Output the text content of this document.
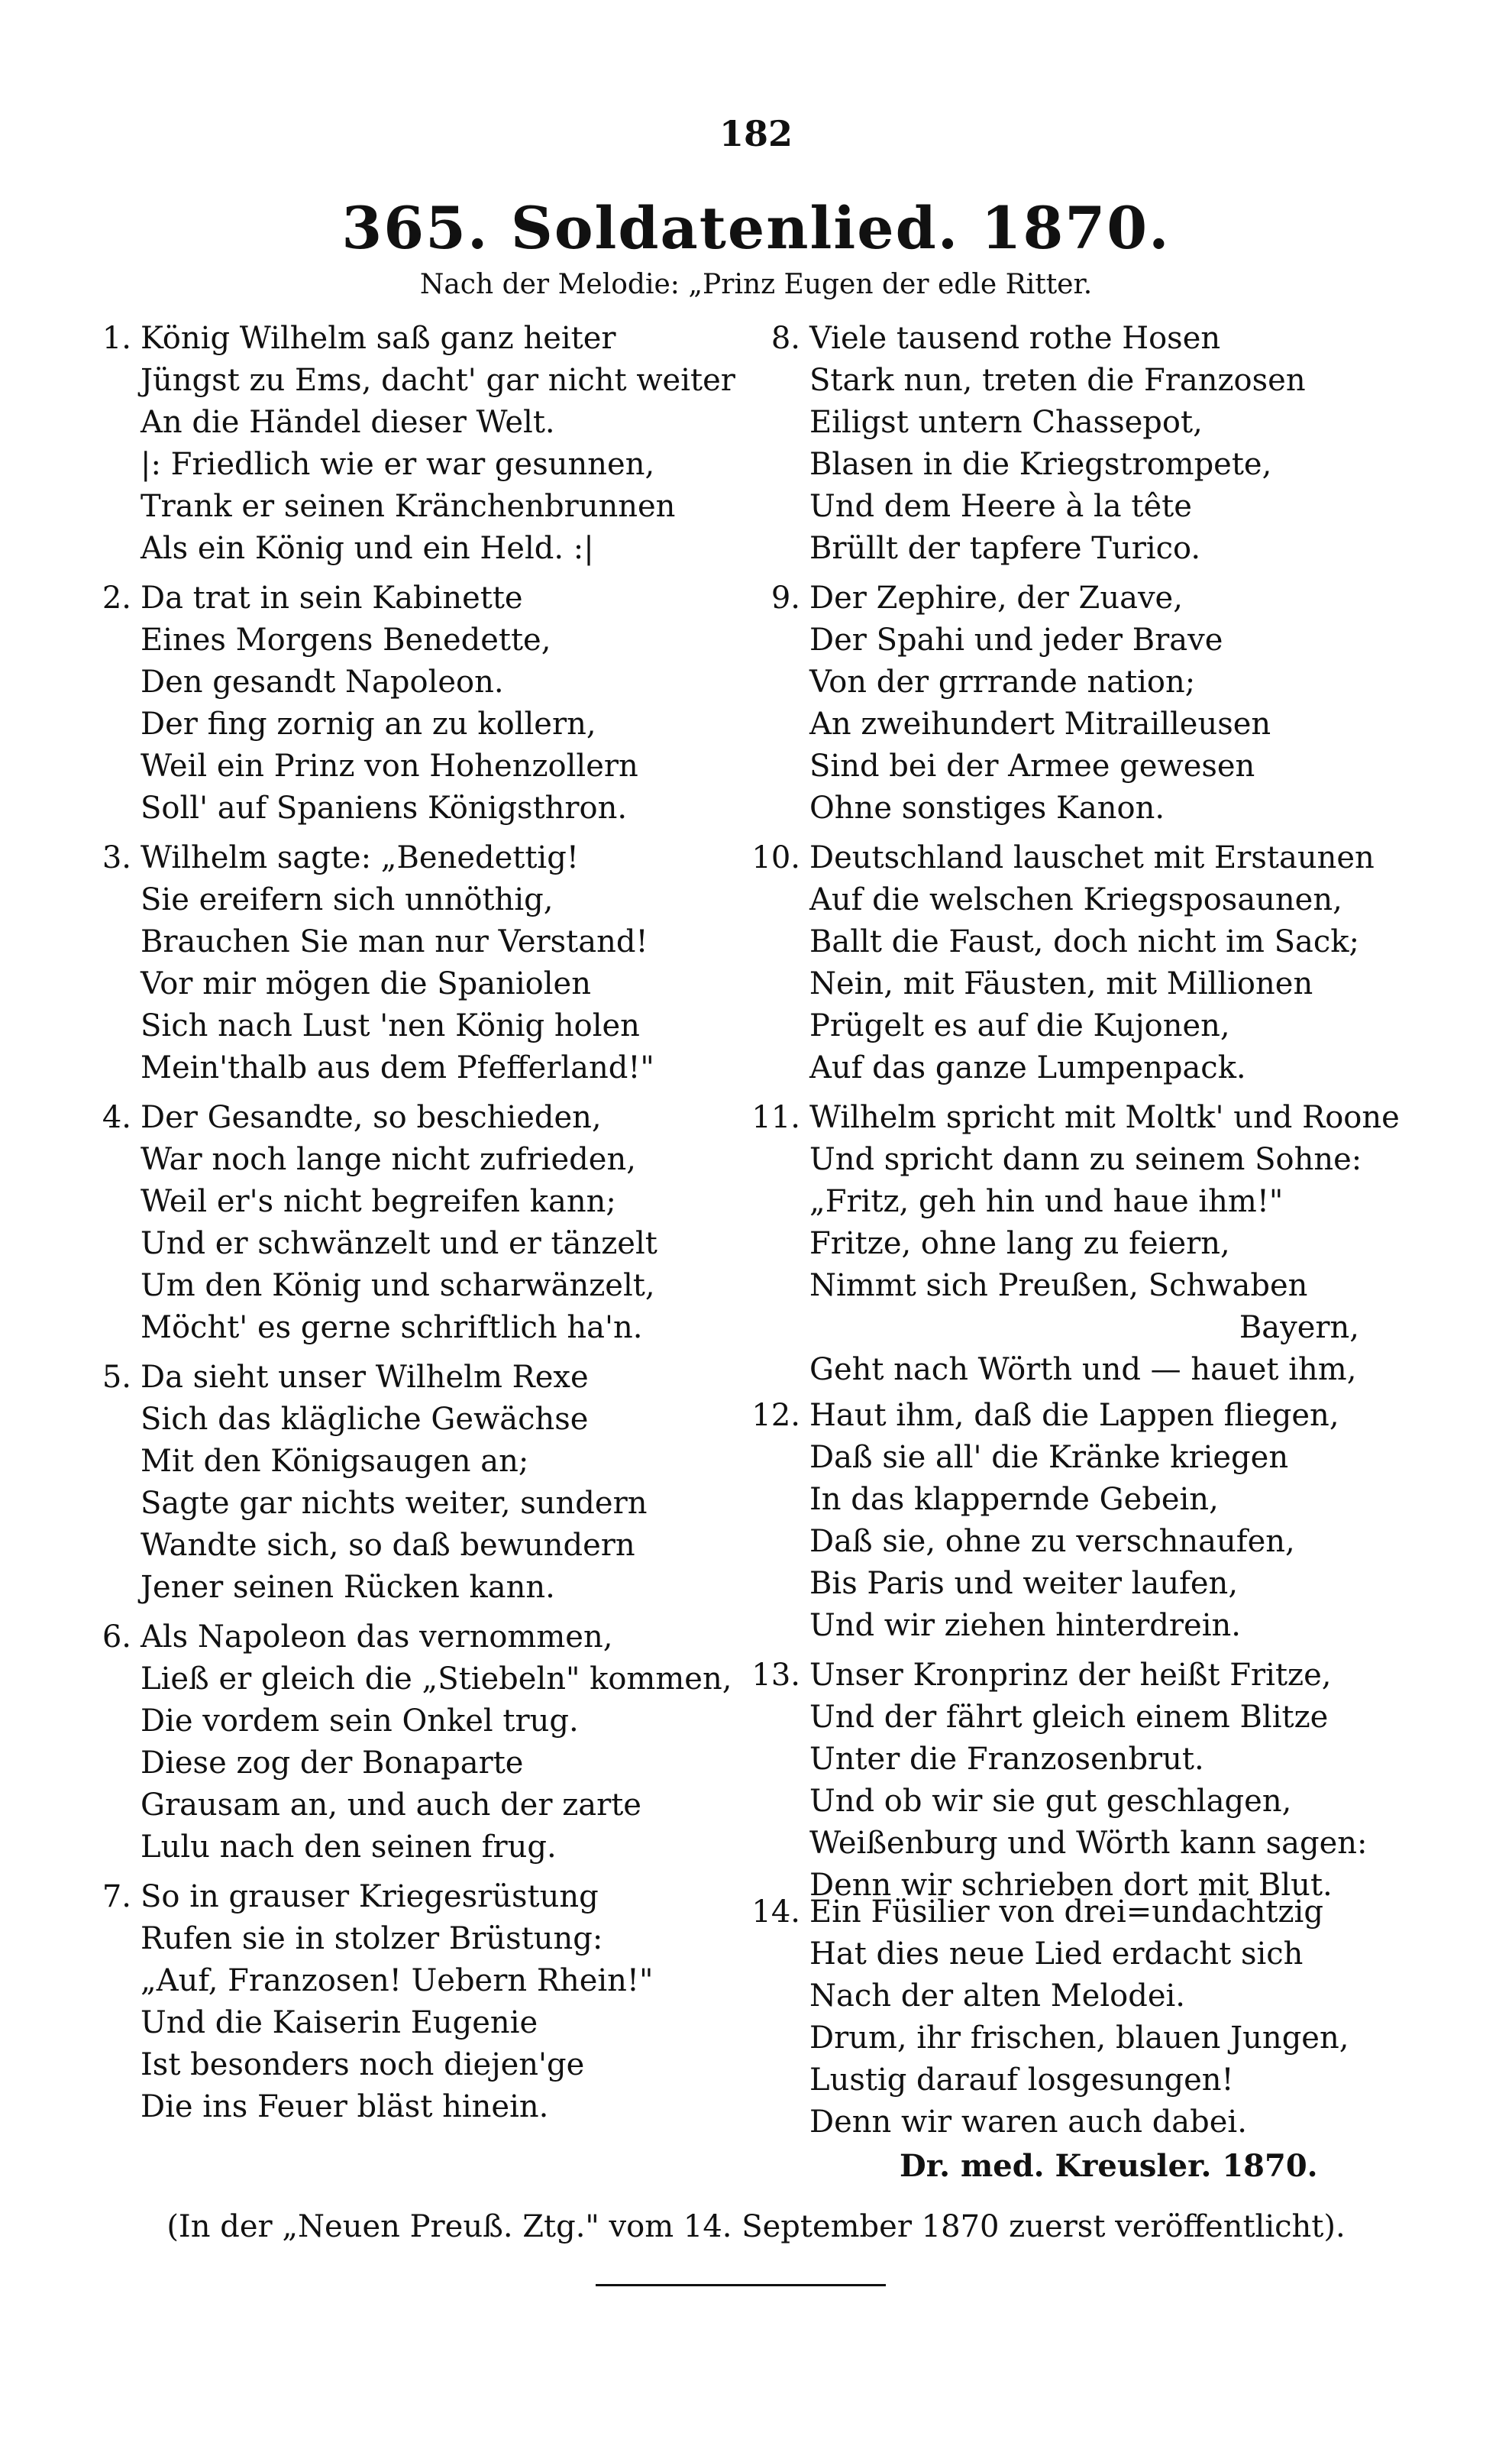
182
365. Soldatenlied. 1870.
Nach der Melodie: „Prinz Eugen der edle Ritter.
1. König Wilhelm saß ganz heiter
Jüngst zu Ems, dacht' gar nicht weiter
An die Händel dieser Welt.
|: Friedlich wie er war gesunnen,
Trank er seinen Kränchenbrunnen
Als ein König und ein Held. :|
2. Da trat in sein Kabinette
Eines Morgens Benedette,
Den gesandt Napoleon.
Der fing zornig an zu kollern,
Weil ein Prinz von Hohenzollern
Soll' auf Spaniens Königsthron.
3. Wilhelm sagte: „Benedettig!
Sie ereifern sich unnöthig,
Brauchen Sie man nur Verstand!
Vor mir mögen die Spaniolen
Sich nach Lust 'nen König holen
Mein'thalb aus dem Pfefferland!"
4. Der Gesandte, so beschieden,
War noch lange nicht zufrieden,
Weil er's nicht begreifen kann;
Und er schwänzelt und er tänzelt
Um den König und scharwänzelt,
Möcht' es gerne schriftlich ha'n.
5. Da sieht unser Wilhelm Rexe
Sich das klägliche Gewächse
Mit den Königsaugen an;
Sagte gar nichts weiter, sundern
Wandte sich, so daß bewundern
Jener seinen Rücken kann.
6. Als Napoleon das vernommen,
Ließ er gleich die „Stiebeln" kommen,
Die vordem sein Onkel trug.
Diese zog der Bonaparte
Grausam an, und auch der zarte
Lulu nach den seinen frug.
7. So in grauser Kriegesrüstung
Rufen sie in stolzer Brüstung:
„Auf, Franzosen! Uebern Rhein!"
Und die Kaiserin Eugenie
Ist besonders noch diejen'ge
Die ins Feuer bläst hinein.
8. Viele tausend rothe Hosen
Stark nun, treten die Franzosen
Eiligst untern Chassepot,
Blasen in die Kriegstrompete,
Und dem Heere à la tête
Brüllt der tapfere Turico.
9. Der Zephire, der Zuave,
Der Spahi und jeder Brave
Von der grrrande nation;
An zweihundert Mitrailleusen
Sind bei der Armee gewesen
Ohne sonstiges Kanon.
10. Deutschland lauschet mit Erstaunen
Auf die welschen Kriegsposaunen,
Ballt die Faust, doch nicht im Sack;
Nein, mit Fäusten, mit Millionen
Prügelt es auf die Kujonen,
Auf das ganze Lumpenpack.
11. Wilhelm spricht mit Moltk' und Roone
Und spricht dann zu seinem Sohne:
„Fritz, geh hin und haue ihm!"
Fritze, ohne lang zu feiern,
Nimmt sich Preußen, Schwaben
Bayern,
Geht nach Wörth und — hauet ihm,
12. Haut ihm, daß die Lappen fliegen,
Daß sie all' die Kränke kriegen
In das klappernde Gebein,
Daß sie, ohne zu verschnaufen,
Bis Paris und weiter laufen,
Und wir ziehen hinterdrein.
13. Unser Kronprinz der heißt Fritze,
Und der fährt gleich einem Blitze
Unter die Franzosenbrut.
Und ob wir sie gut geschlagen,
Weißenburg und Wörth kann sagen:
Denn wir schrieben dort mit Blut.
14. Ein Füsilier von drei=undachtzig
Hat dies neue Lied erdacht sich
Nach der alten Melodei.
Drum, ihr frischen, blauen Jungen,
Lustig darauf losgesungen!
Denn wir waren auch dabei.
Dr. med. Kreusler. 1870.
(In der „Neuen Preuß. Ztg." vom 14. September 1870 zuerst veröffentlicht).
